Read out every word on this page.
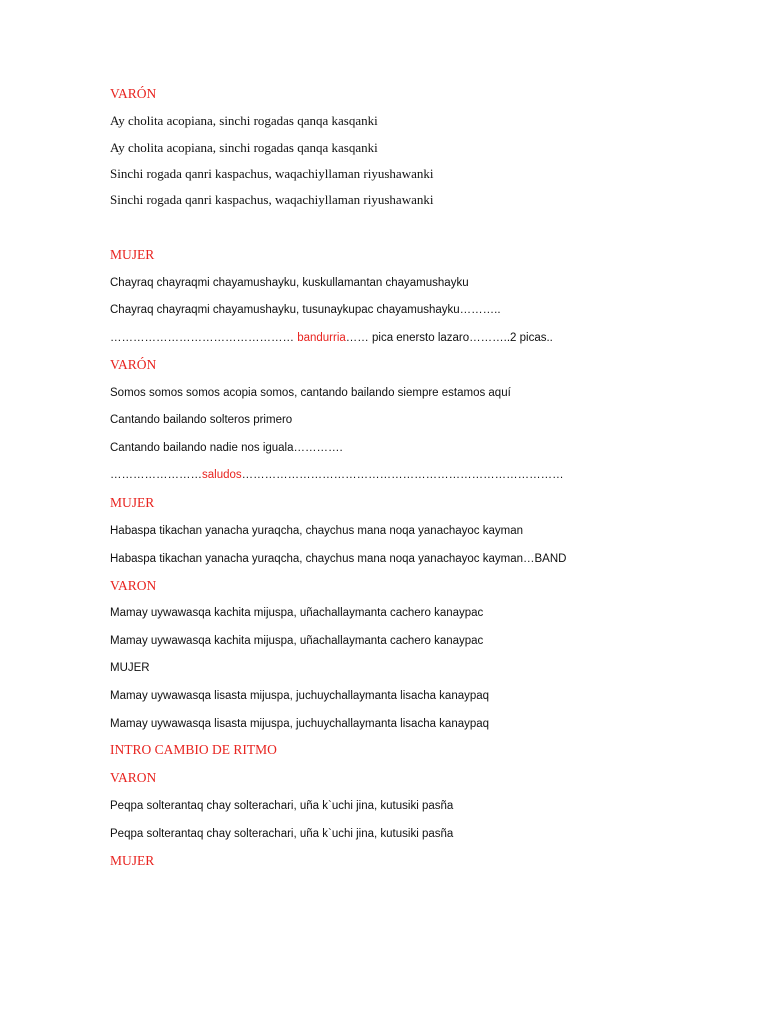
VARÓN

Ay cholita acopiana, sinchi rogadas qanqa kasqanki

Ay cholita acopiana, sinchi rogadas qanqa kasqanki

Sinchi rogada qanri kaspachus, waqachiyllaman riyushawanki

Sinchi rogada qanri kaspachus, waqachiyllaman riyushawanki

MUJER

Chayraq chayraqmi chayamushayku, kuskullamantan chayamushayku

Chayraq chayraqmi chayamushayku, tusunaykupac chayamushayku………..

………………………………………… bandurria…… pica enersto lazaro………..2 picas..

VARÓN

Somos somos somos acopia somos, cantando bailando siempre estamos aquí

Cantando bailando solteros primero

Cantando bailando nadie nos iguala………….

……………………saludos…………………………………………………………………………

MUJER

Habaspa tikachan yanacha yuraqcha, chaychus mana noqa yanachayoc kayman

Habaspa tikachan yanacha yuraqcha, chaychus mana noqa yanachayoc kayman…BAND

VARON

Mamay uywawasqa kachita mijuspa, uñachallaymanta cachero kanaypac

Mamay uywawasqa kachita mijuspa, uñachallaymanta cachero kanaypac

MUJER

Mamay uywawasqa lisasta mijuspa, juchuychallaymanta lisacha kanaypaq

Mamay uywawasqa lisasta mijuspa, juchuychallaymanta lisacha kanaypaq

INTRO CAMBIO DE RITMO

VARON

Peqpa solterantaq chay solterachari, uña k`uchi jina, kutusiki pasña

Peqpa solterantaq chay solterachari, uña k`uchi jina, kutusiki pasña

MUJER
